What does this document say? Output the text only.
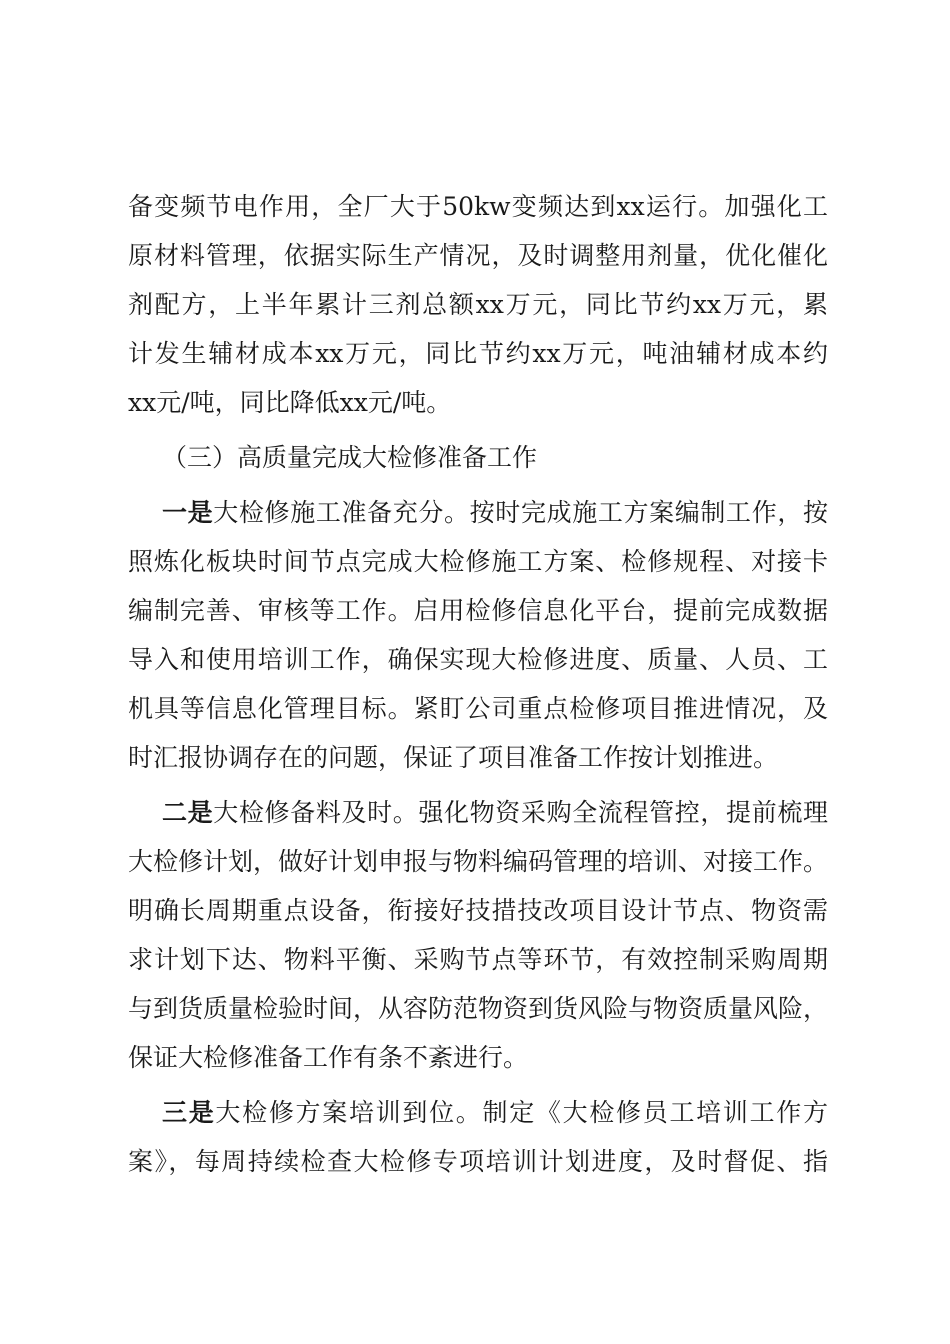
备变频节电作用，全厂大于50kw变频达到xx运行。加强化工
原材料管理，依据实际生产情况，及时调整用剂量，优化催化
剂配方，上半年累计三剂总额xx万元，同比节约xx万元，累
计发生辅材成本xx万元，同比节约xx万元，吨油辅材成本约
xx元/吨，同比降低xx元/吨。
（三）高质量完成大检修准备工作
一是大检修施工准备充分。按时完成施工方案编制工作，按
照炼化板块时间节点完成大检修施工方案、检修规程、对接卡
编制完善、审核等工作。启用检修信息化平台，提前完成数据
导入和使用培训工作，确保实现大检修进度、质量、人员、工
机具等信息化管理目标。紧盯公司重点检修项目推进情况，及
时汇报协调存在的问题，保证了项目准备工作按计划推进。
二是大检修备料及时。强化物资采购全流程管控，提前梳理
大检修计划，做好计划申报与物料编码管理的培训、对接工作。
明确长周期重点设备，衔接好技措技改项目设计节点、物资需
求计划下达、物料平衡、采购节点等环节，有效控制采购周期
与到货质量检验时间，从容防范物资到货风险与物资质量风险，
保证大检修准备工作有条不紊进行。
三是大检修方案培训到位。制定《大检修员工培训工作方
案》，每周持续检查大检修专项培训计划进度，及时督促、指
